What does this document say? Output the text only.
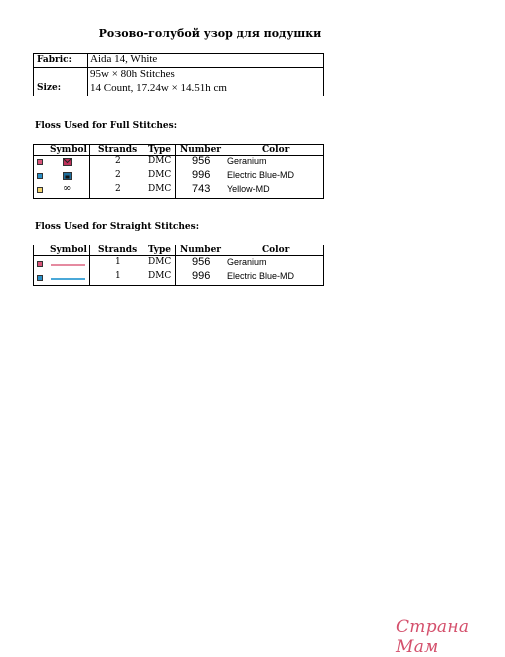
Розово-голубой узор для подушки
Fabric: Aida 14, White
Size:
95w × 80h Stitches
14 Count, 17.24w × 14.51h cm
Floss Used for Full Stitches:
Symbol Strands Type Number	Color
2	DMC 956 Geranium
2	DMC 996 Electric Blue-MD
∞	2	DMC 743 Yellow-MD
Floss Used for Straight Stitches:
Symbol Strands Type Number	Color
1	DMC 956 Geranium
1	DMC 996 Electric Blue-MD
Страна Мам
